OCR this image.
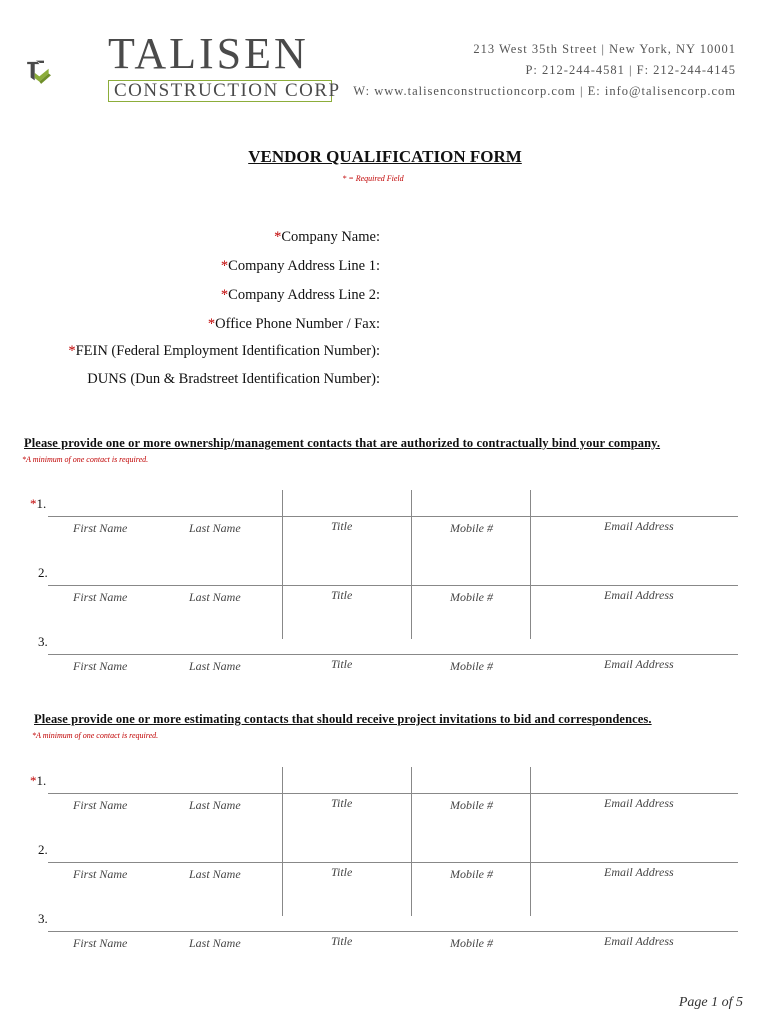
TALISEN
CONSTRUCTION CORP
213 West 35th Street | New York, NY 10001
P: 212-244-4581 | F: 212-244-4145
W: www.talisenconstructioncorp.com | E: info@talisencorp.com
VENDOR QUALIFICATION FORM
* = Required Field
*Company Name:
*Company Address Line 1:
*Company Address Line 2:
*Office Phone Number / Fax:
*FEIN (Federal Employment Identification Number):
DUNS (Dun & Bradstreet Identification Number):
Please provide one or more ownership/management contacts that are authorized to contractually bind your company.
*A minimum of one contact is required.
*1.
First Name	Last Name	Title	Mobile #	Email Address
2.
First Name	Last Name	Title	Mobile #	Email Address
3.
First Name	Last Name	Title	Mobile #	Email Address
Please provide one or more estimating contacts that should receive project invitations to bid and correspondences.
*A minimum of one contact is required.
*1.
First Name	Last Name	Title	Mobile #	Email Address
2.
First Name	Last Name	Title	Mobile #	Email Address
3.
First Name	Last Name	Title	Mobile #	Email Address
Page 1 of 5
